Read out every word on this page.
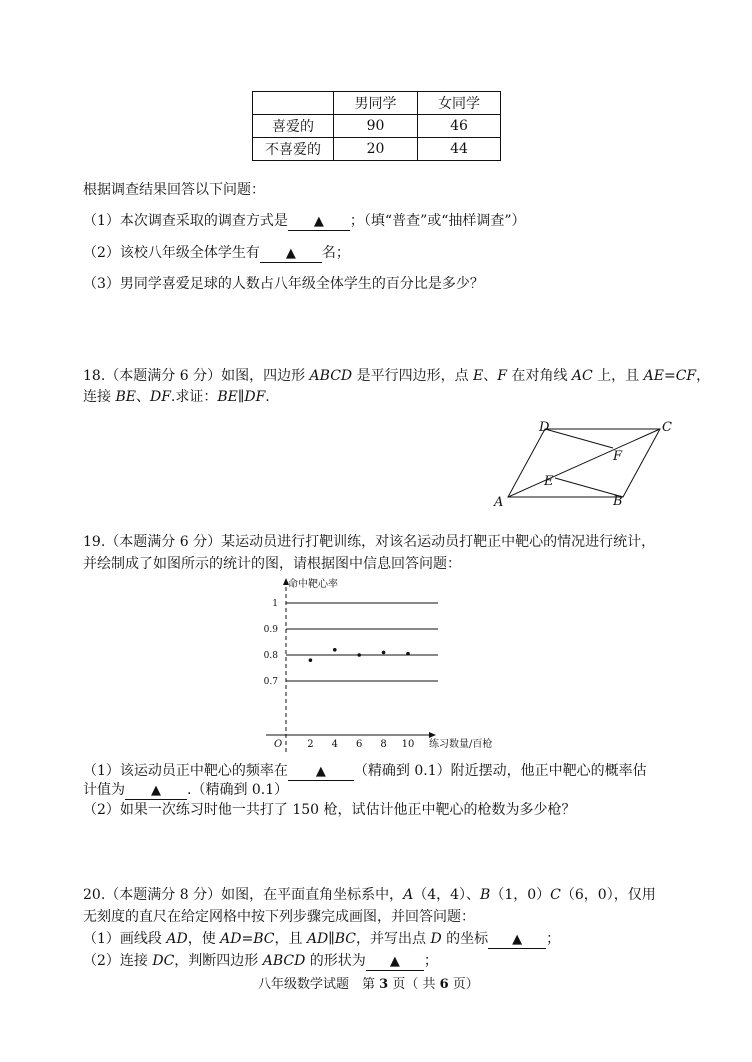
	男同学	女同学
喜爱的	90	46
不喜爱的	20	44
根据调查结果回答以下问题：
（1）本次调查采取的调查方式是 ▲ ；（填“普查”或“抽样调查”）
（2）该校八年级全体学生有 ▲ 名；
（3）男同学喜爱足球的人数占八年级全体学生的百分比是多少？
18.（本题满分 6 分）如图，四边形 ABCD 是平行四边形，点 E、F 在对角线 AC 上，且 AE=CF，
连接 BE、DF.求证：BE∥DF.
A	B
C
D
E
F
19.（本题满分 6 分）某运动员进行打靶训练，对该名运动员打靶正中靶心的情况进行统计，
并绘制成了如图所示的统计的图，请根据图中信息回答问题：
命中靶心率
练习数量/百枪
O
0.7
0.8
0.9
1
2 4 6 8 10
（1）该运动员正中靶心的频率在 ▲ （精确到 0.1）附近摆动，他正中靶心的概率估
计值为 ▲ .（精确到 0.1）
（2）如果一次练习时他一共打了 150 枪，试估计他正中靶心的枪数为多少枪？
20.（本题满分 8 分）如图，在平面直角坐标系中，A（4，4）、B（1，0）C（6，0），仅用
无刻度的直尺在给定网格中按下列步骤完成画图，并回答问题：
（1）画线段 AD，使 AD=BC，且 AD∥BC，并写出点 D 的坐标 ▲ ；
（2）连接 DC，判断四边形 ABCD 的形状为 ▲ ；
八年级数学试题　第 3 页（ 共 6 页）
